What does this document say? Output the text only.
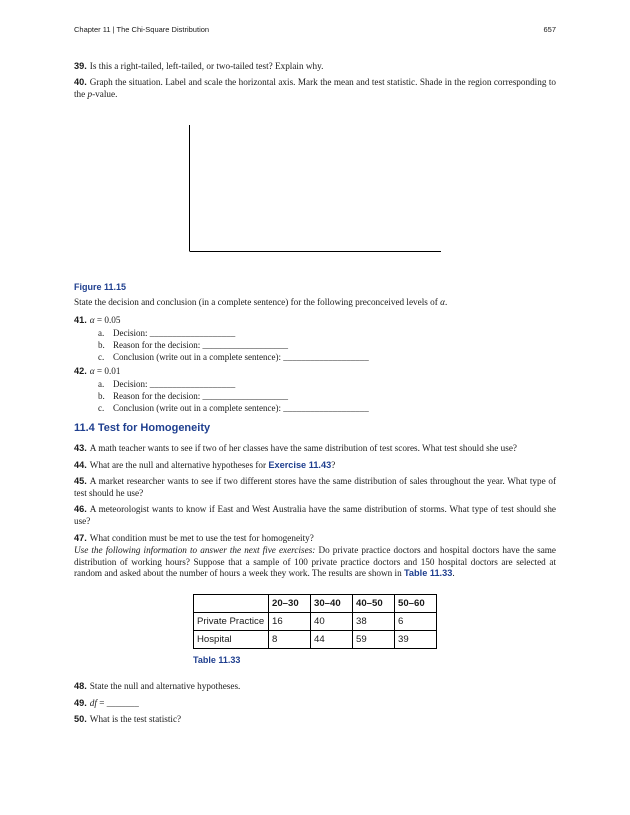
Chapter 11 | The Chi-Square Distribution	657

39. Is this a right-tailed, left-tailed, or two-tailed test? Explain why.

40. Graph the situation. Label and scale the horizontal axis. Mark the mean and test statistic. Shade in the region corresponding to the p-value.

Figure 11.15

State the decision and conclusion (in a complete sentence) for the following preconceived levels of α.

41. α = 0.05

a. Decision: ___________________
b. Reason for the decision: ___________________
c. Conclusion (write out in a complete sentence): ___________________

42. α = 0.01

a. Decision: ___________________
b. Reason for the decision: ___________________
c. Conclusion (write out in a complete sentence): ___________________
11.4 Test for Homogeneity

43. A math teacher wants to see if two of her classes have the same distribution of test scores. What test should she use?

44. What are the null and alternative hypotheses for Exercise 11.43?

45. A market researcher wants to see if two different stores have the same distribution of sales throughout the year. What type of test should he use?

46. A meteorologist wants to know if East and West Australia have the same distribution of storms. What type of test should she use?

47. What condition must be met to use the test for homogeneity?

Use the following information to answer the next five exercises: Do private practice doctors and hospital doctors have the same distribution of working hours? Suppose that a sample of 100 private practice doctors and 150 hospital doctors are selected at random and asked about the number of hours a week they work. The results are shown in Table 11.33.

	20–30	30–40	40–50	50–60
Private Practice	16	40	38	6
Hospital	8	44	59	39
Table 11.33

48. State the null and alternative hypotheses.

49. df = _______

50. What is the test statistic?
